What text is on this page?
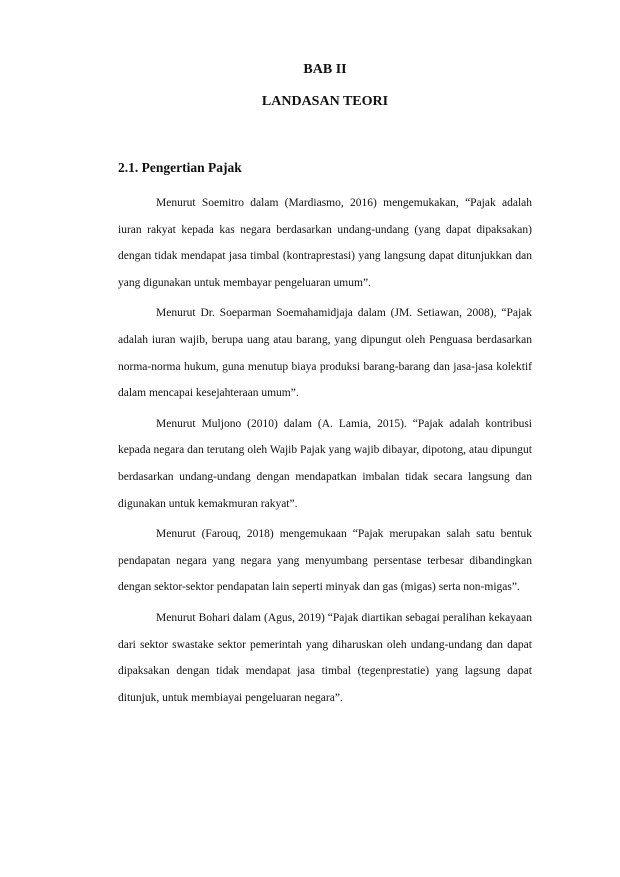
BAB II
LANDASAN TEORI
2.1. Pengertian Pajak

Menurut Soemitro dalam (Mardiasmo, 2016) mengemukakan, “Pajak adalah iuran rakyat kepada kas negara berdasarkan undang-undang (yang dapat dipaksakan) dengan tidak mendapat jasa timbal (kontraprestasi) yang langsung dapat ditunjukkan dan yang digunakan untuk membayar pengeluaran umum”.

Menurut Dr. Soeparman Soemahamidjaja dalam (JM. Setiawan, 2008), “Pajak adalah iuran wajib, berupa uang atau barang, yang dipungut oleh Penguasa berdasarkan norma-norma hukum, guna menutup biaya produksi barang-barang dan jasa-jasa kolektif dalam mencapai kesejahteraan umum”.

Menurut Muljono (2010) dalam (A. Lamia, 2015). “Pajak adalah kontribusi kepada negara dan terutang oleh Wajib Pajak yang wajib dibayar, dipotong, atau dipungut berdasarkan undang-undang dengan mendapatkan imbalan tidak secara langsung dan digunakan untuk kemakmuran rakyat”.

Menurut (Farouq, 2018) mengemukaan “Pajak merupakan salah satu bentuk pendapatan negara yang negara yang menyumbang persentase terbesar dibandingkan dengan sektor-sektor pendapatan lain seperti minyak dan gas (migas) serta non-migas”.

Menurut Bohari dalam (Agus, 2019) “Pajak diartikan sebagai peralihan kekayaan dari sektor swastake sektor pemerintah yang diharuskan oleh undang-undang dan dapat dipaksakan dengan tidak mendapat jasa timbal (tegenprestatie) yang lagsung dapat ditunjuk, untuk membiayai pengeluaran negara”.
